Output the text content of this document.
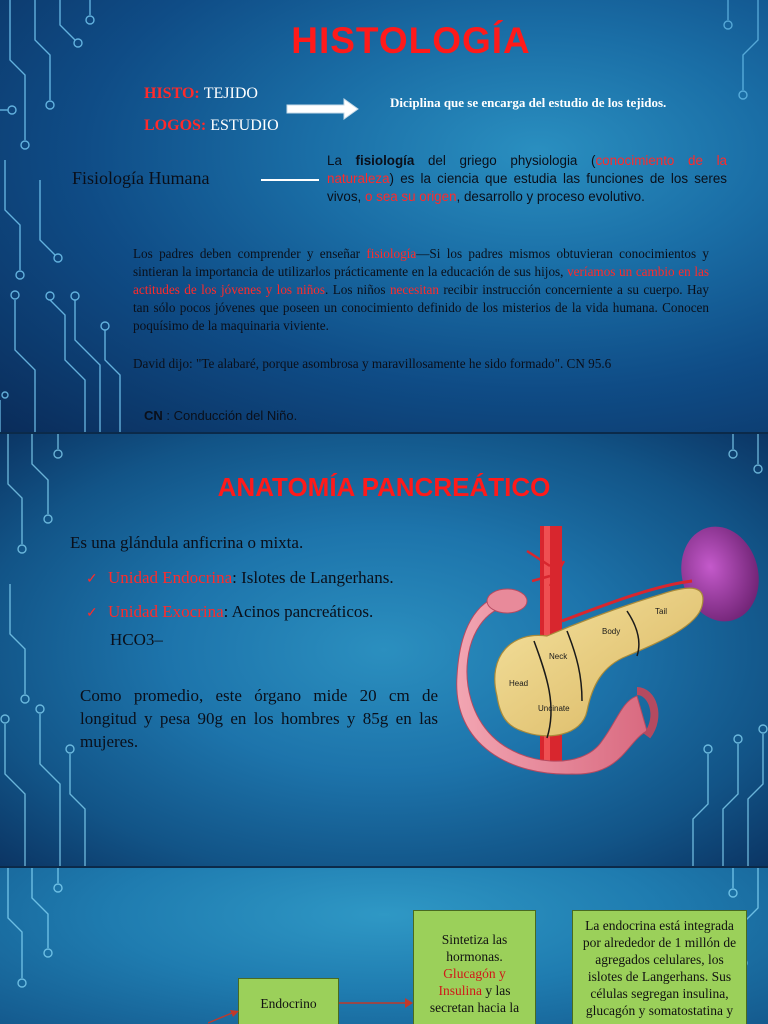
HISTOLOGÍA
HISTO: TEJIDO
LOGOS: ESTUDIO
Diciplina que se encarga del estudio de los tejidos.
Fisiología Humana
La fisiología del griego physiologia (conocimiento de la naturaleza) es la ciencia que estudia las funciones de los seres vivos, o sea su origen, desarrollo y proceso evolutivo.
Los padres deben comprender y enseñar fisiología—Si los padres mismos obtuvieran conocimientos y sintieran la importancia de utilizarlos prácticamente en la educación de sus hijos, veríamos un cambio en las actitudes de los jóvenes y los niños. Los niños necesitan recibir instrucción concerniente a su cuerpo. Hay tan sólo pocos jóvenes que poseen un conocimiento definido de los misterios de la vida humana. Conocen poquísimo de la maquinaria viviente.
David dijo: "Te alabaré, porque asombrosa y maravillosamente he sido formado". CN 95.6
CN : Conducción del Niño.
ANATOMÍA PANCREÁTICO
Es una glándula anficrina o mixta.
✓ Unidad Endocrina: Islotes de Langerhans.
✓ Unidad Exocrina: Acinos pancreáticos.
HCO3–
Como promedio, este órgano mide 20 cm de longitud y pesa 90g en los hombres y 85g en las mujeres.
Tail
Body
Neck
Head
Uncinate
Endocrino
Sintetiza las hormonas. Glucagón y Insulina y las secretan hacia la
La endocrina está integrada por alrededor de 1 millón de agregados celulares, los islotes de Langerhans. Sus células segregan insulina, glucagón y somatostatina y
